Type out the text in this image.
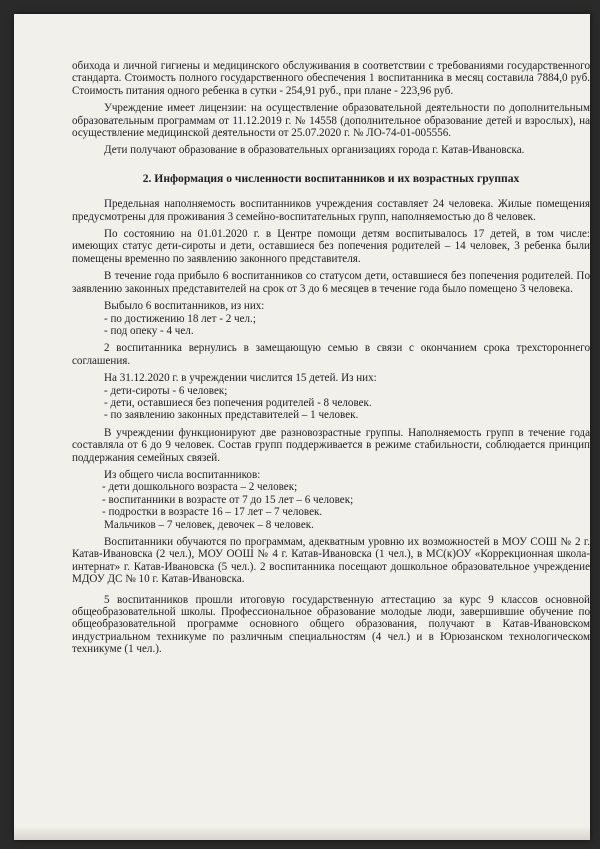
обихода и личной гигиены и медицинского обслуживания в соответствии с требованиями государственного стандарта. Стоимость полного государственного обеспечения 1 воспитанника в месяц составила 7884,0 руб. Стоимость питания одного ребенка в сутки - 254,91 руб., при плане - 223,96 руб.

Учреждение имеет лицензии: на осуществление образовательной деятельности по дополнительным образовательным программам от 11.12.2019 г. № 14558 (дополнительное образование детей и взрослых), на осуществление медицинской деятельности от 25.07.2020 г. № ЛО-74-01-005556.

Дети получают образование в образовательных организациях города г. Катав-Ивановска.

2. Информация о численности воспитанников и их возрастных группах

Предельная наполняемость воспитанников учреждения составляет 24 человека. Жилые помещения предусмотрены для проживания 3 семейно-воспитательных групп, наполняемостью до 8 человек.

По состоянию на 01.01.2020 г. в Центре помощи детям воспитывалось 17 детей, в том числе: имеющих статус дети-сироты и дети, оставшиеся без попечения родителей – 14 человек, 3 ребенка были помещены временно по заявлению законного представителя.

В течение года прибыло 6 воспитанников со статусом дети, оставшиеся без попечения родителей. По заявлению законных представителей на срок от 3 до 6 месяцев в течение года было помещено 3 человека.

Выбыло 6 воспитанников, из них:

- по достижению 18 лет - 2 чел.;

- под опеку - 4 чел.

2 воспитанника вернулись в замещающую семью в связи с окончанием срока трехстороннего соглашения.

На 31.12.2020 г. в учреждении числится 15 детей. Из них:

- дети-сироты - 6 человек;

- дети, оставшиеся без попечения родителей - 8 человек.

- по заявлению законных представителей – 1 человек.

В учреждении функционируют две разновозрастные группы. Наполняемость групп в течение года составляла от 6 до 9 человек. Состав групп поддерживается в режиме стабильности, соблюдается принцип поддержания семейных связей.

Из общего числа воспитанников:

- дети дошкольного возраста – 2 человек;

- воспитанники в возрасте от 7 до 15 лет – 6 человек;

- подростки в возрасте 16 – 17 лет – 7 человек.

Мальчиков – 7 человек, девочек – 8 человек.

Воспитанники обучаются по программам, адекватным уровню их возможностей в МОУ СОШ № 2 г. Катав-Ивановска (2 чел.), МОУ ООШ № 4 г. Катав-Ивановска (1 чел.), в МС(к)ОУ «Коррекционная школа-интернат» г. Катав-Ивановска (5 чел.). 2 воспитанника посещают дошкольное образовательное учреждение МДОУ ДС № 10 г. Катав-Ивановска.

5 воспитанников прошли итоговую государственную аттестацию за курс 9 классов основной общеобразовательной школы. Профессиональное образование молодые люди, завершившие обучение по общеобразовательной программе основного общего образования, получают в Катав-Ивановском индустриальном техникуме по различным специальностям (4 чел.) и в Юрюзанском технологическом техникуме (1 чел.).
